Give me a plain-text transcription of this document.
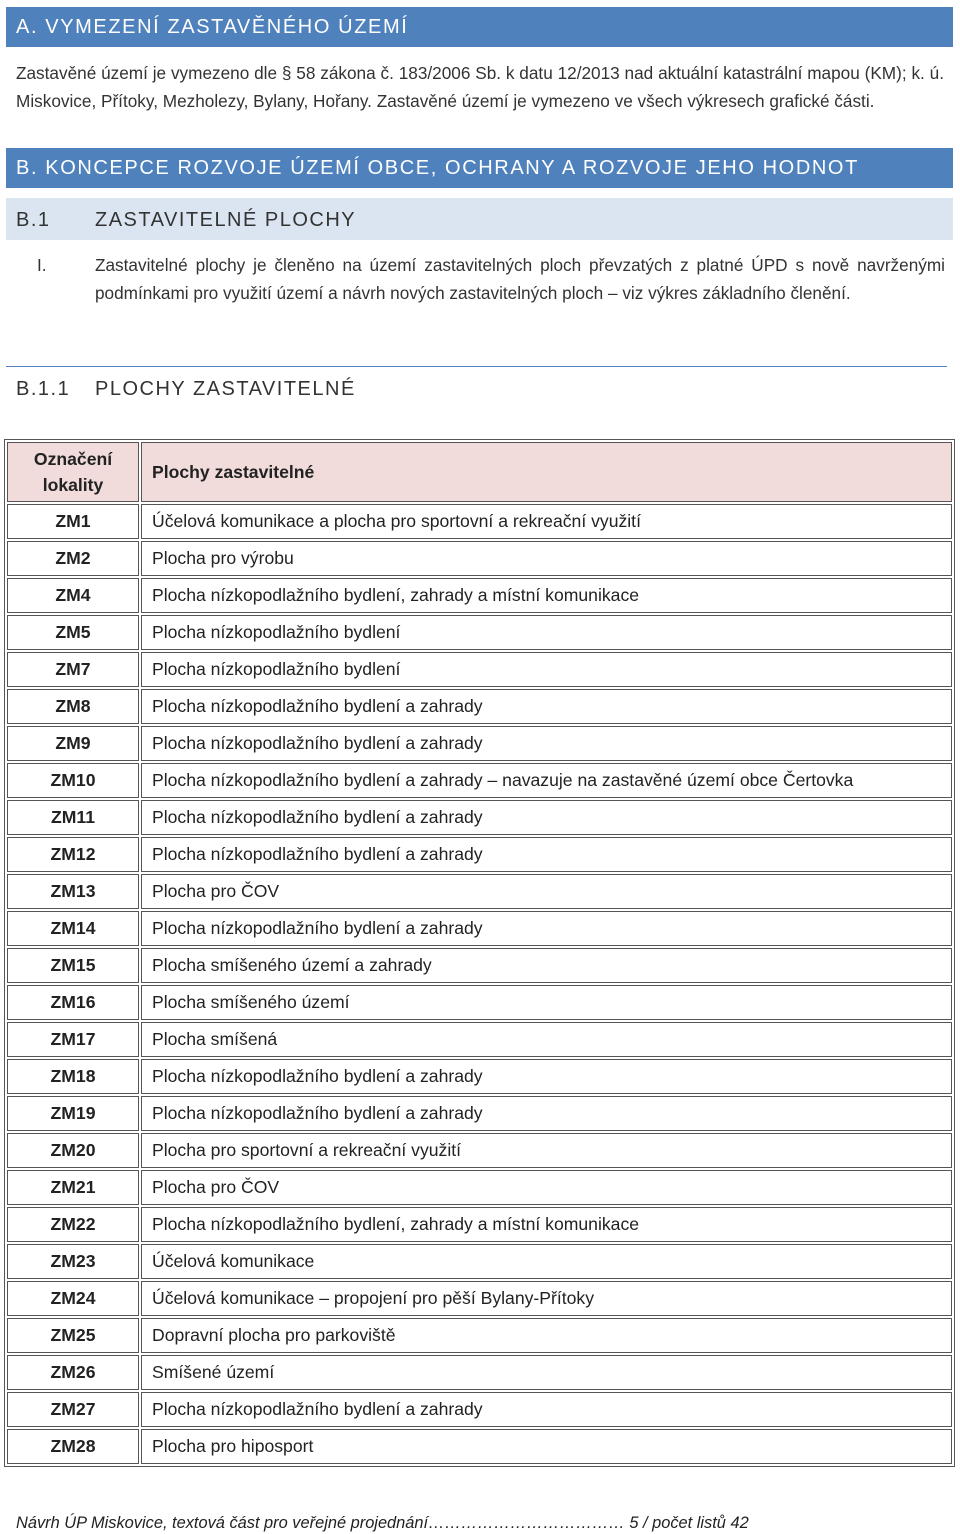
A. VYMEZENÍ ZASTAVĚNÉHO ÚZEMÍ
Zastavěné území je vymezeno dle § 58 zákona č. 183/2006 Sb. k datu 12/2013 nad aktuální katastrální mapou (KM); k. ú. Miskovice, Přítoky, Mezholezy, Bylany, Hořany. Zastavěné území je vymezeno ve všech výkresech grafické části.
B. KONCEPCE ROZVOJE ÚZEMÍ OBCE, OCHRANY A ROZVOJE JEHO HODNOT
B.1 ZASTAVITELNÉ PLOCHY
I.	Zastavitelné plochy je členěno na území zastavitelných ploch převzatých z platné ÚPD s nově navrženými podmínkami pro využití území a návrh nových zastavitelných ploch – viz výkres základního členění.
B.1.1 PLOCHY ZASTAVITELNÉ
Označení
lokality	Plochy zastavitelné
ZM1	Účelová komunikace a plocha pro sportovní a rekreační využití
ZM2	Plocha pro výrobu
ZM4	Plocha nízkopodlažního bydlení, zahrady a místní komunikace
ZM5	Plocha nízkopodlažního bydlení
ZM7	Plocha nízkopodlažního bydlení
ZM8	Plocha nízkopodlažního bydlení a zahrady
ZM9	Plocha nízkopodlažního bydlení a zahrady
ZM10	Plocha nízkopodlažního bydlení a zahrady – navazuje na zastavěné území obce Čertovka
ZM11	Plocha nízkopodlažního bydlení a zahrady
ZM12	Plocha nízkopodlažního bydlení a zahrady
ZM13	Plocha pro ČOV
ZM14	Plocha nízkopodlažního bydlení a zahrady
ZM15	Plocha smíšeného území a zahrady
ZM16	Plocha smíšeného území
ZM17	Plocha smíšená
ZM18	Plocha nízkopodlažního bydlení a zahrady
ZM19	Plocha nízkopodlažního bydlení a zahrady
ZM20	Plocha pro sportovní a rekreační využití
ZM21	Plocha pro ČOV
ZM22	Plocha nízkopodlažního bydlení, zahrady a místní komunikace
ZM23	Účelová komunikace
ZM24	Účelová komunikace – propojení pro pěší Bylany-Přítoky
ZM25	Dopravní plocha pro parkoviště
ZM26	Smíšené území
ZM27	Plocha nízkopodlažního bydlení a zahrady
ZM28	Plocha pro hiposport
Návrh ÚP Miskovice, textová část pro veřejné projednání……………………………… 5 / počet listů 42
